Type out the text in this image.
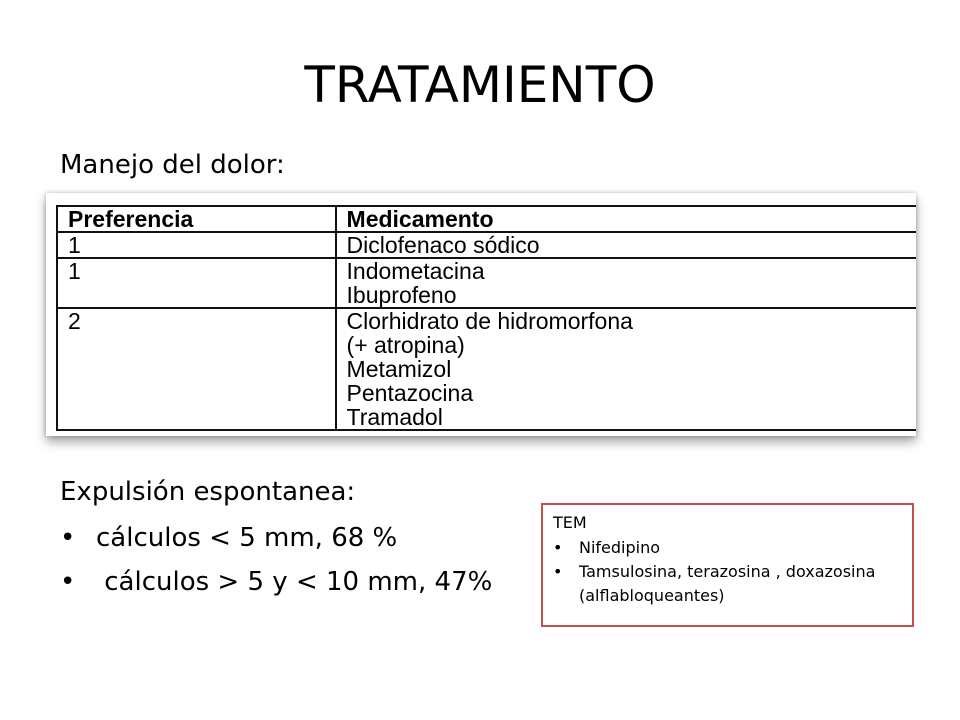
TRATAMIENTO
Manejo del dolor:
Preferencia	Medicamento	
1	Diclofenaco sódico	

1	Indometacina
Ibuprofeno	

2	Clorhidrato de hidromorfona
(+ atropina)
Metamizol
Pentazocina
Tramadol	

Expulsión espontanea:
• cálculos < 5 mm, 68 %
• cálculos > 5 y < 10 mm, 47%
TEM
•	Nifedipino
•	Tamsulosina, terazosina , doxazosina (alflabloqueantes)
